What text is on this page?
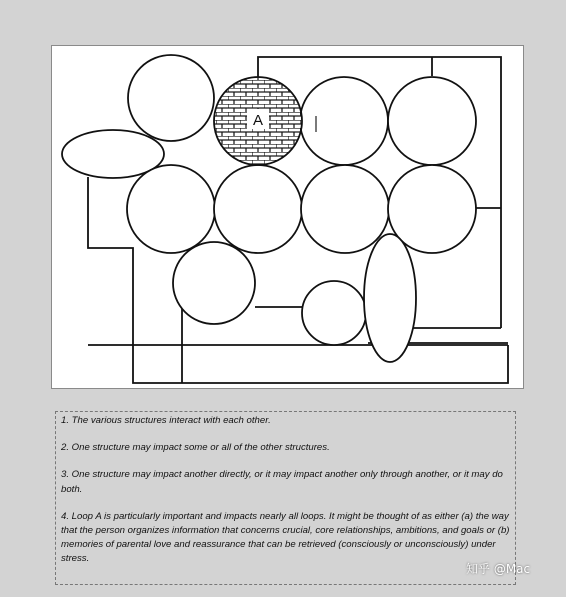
A

1. The various structures interact with each other.

2. One structure may impact some or all of the other structures.

3. One structure may impact another directly, or it may impact another only through another, or it may do both.

4. Loop A is particularly important and impacts nearly all loops. It might be thought of as either (a) the way that the person organizes information that concerns crucial, core relationships, ambitions, and goals or (b) memories of parental love and reassurance that can be retrieved (consciously or unconsciously) under stress.

知乎 @Mac
